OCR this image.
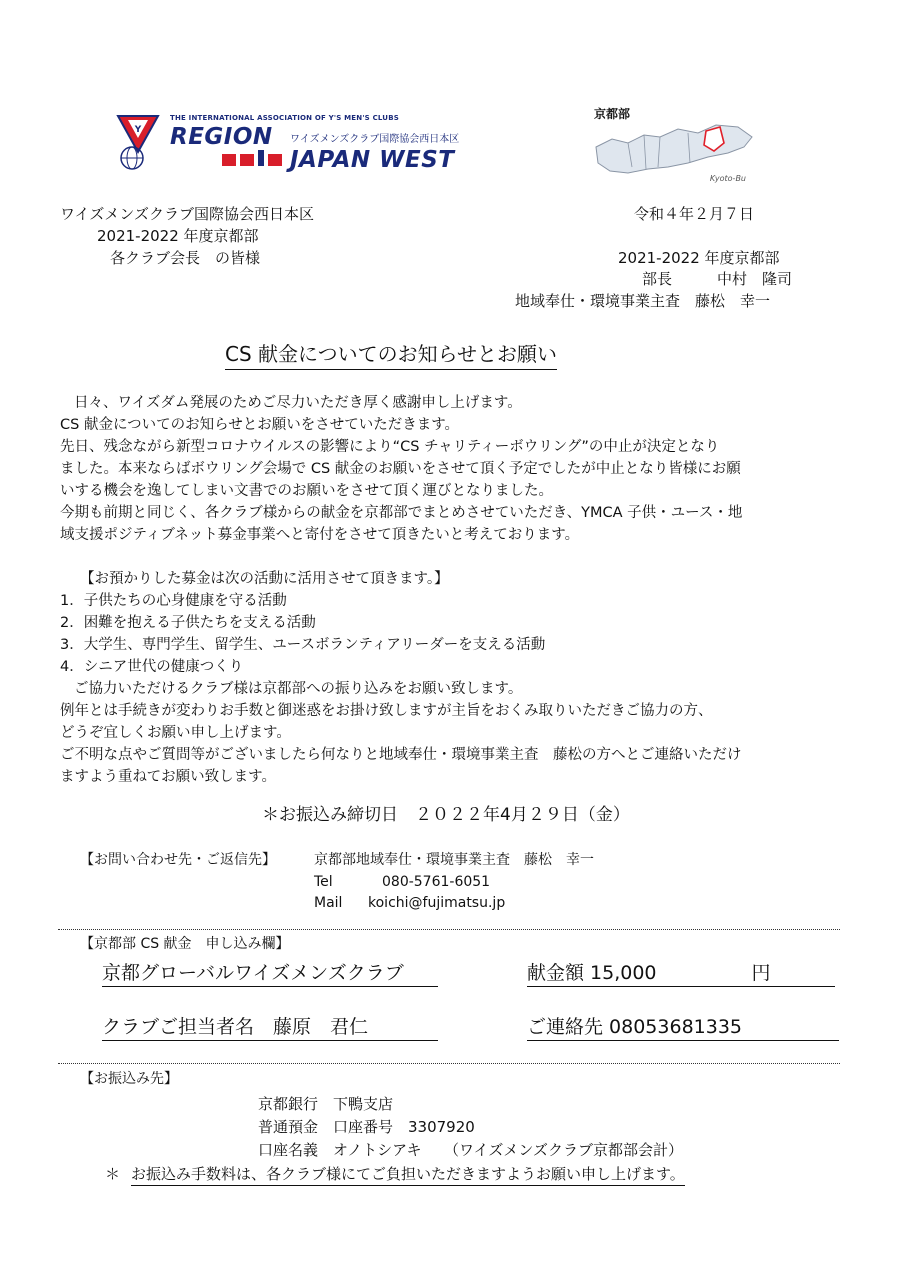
Y
THE INTERNATIONAL ASSOCIATION OF Y'S MEN'S CLUBS
REGION ワイズメンズクラブ国際協会西日本区
JAPAN WEST
京都部
Kyoto-Bu
ワイズメンズクラブ国際協会西日本区
2021-2022 年度京都部
各クラブ会長　の皆様
令和４年２月７日
2021-2022 年度京都部
部長　　　中村　隆司
地域奉仕・環境事業主査　藤松　幸一
CS 献金についてのお知らせとお願い
日々、ワイズダム発展のためご尽力いただき厚く感謝申し上げます。
CS 献金についてのお知らせとお願いをさせていただきます。
先日、残念ながら新型コロナウイルスの影響により“CS チャリティーボウリング”の中止が決定となり
ました。本来ならばボウリング会場で CS 献金のお願いをさせて頂く予定でしたが中止となり皆様にお願
いする機会を逸してしまい文書でのお願いをさせて頂く運びとなりました。
今期も前期と同じく、各クラブ様からの献金を京都部でまとめさせていただき、YMCA 子供・ユース・地
域支援ポジティブネット募金事業へと寄付をさせて頂きたいと考えております。
【お預かりした募金は次の活動に活用させて頂きます。】
1．子供たちの心身健康を守る活動
2．困難を抱える子供たちを支える活動
3．大学生、専門学生、留学生、ユースボランティアリーダーを支える活動
4．シニア世代の健康つくり
ご協力いただけるクラブ様は京都部への振り込みをお願い致します。
例年とは手続きが変わりお手数と御迷惑をお掛け致しますが主旨をおくみ取りいただきご協力の方、
どうぞ宜しくお願い申し上げます。
ご不明な点やご質問等がございましたら何なりと地域奉仕・環境事業主査　藤松の方へとご連絡いただけ
ますよう重ねてお願い致します。
＊お振込み締切日　２０２２年4月２９日（金）
【お問い合わせ先・ご返信先】	京都部地域奉仕・環境事業主査　藤松　幸一
Tel	080-5761-6051
Mail koichi@fujimatsu.jp
【京都部 CS 献金　申し込み欄】
京都グローバルワイズメンズクラブ	献金額 15,000　　　　　円
クラブご担当者名　藤原　君仁	ご連絡先 08053681335
【お振込み先】
京都銀行　下鴨支店
普通預金　口座番号　3307920
口座名義　オノトシアキ　　（ワイズメンズクラブ京都部会計）
＊ お振込み手数料は、各クラブ様にてご負担いただきますようお願い申し上げます。
